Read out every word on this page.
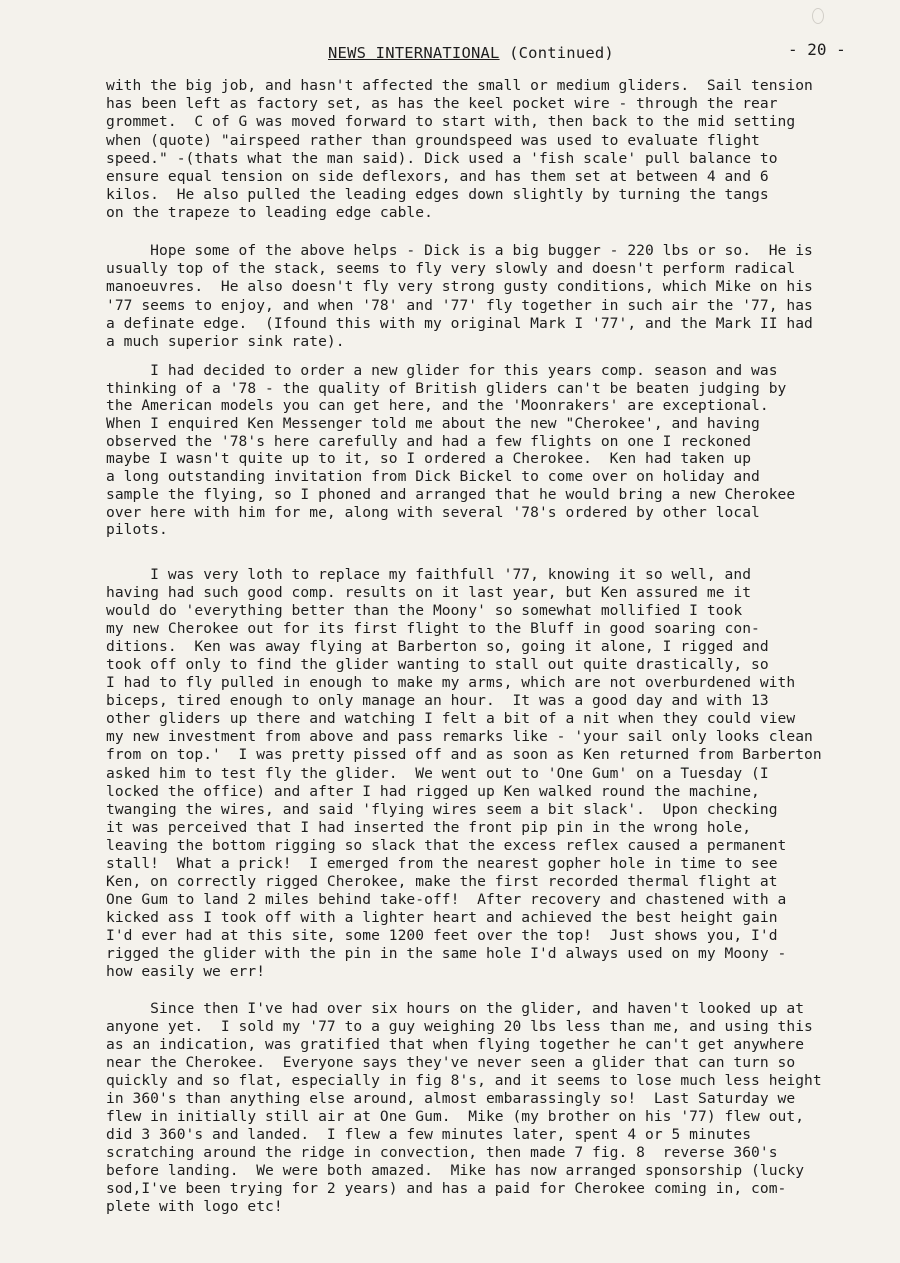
NEWS INTERNATIONAL (Continued)	- 20 -
with the big job, and hasn't affected the small or medium gliders.  Sail tension
has been left as factory set, as has the keel pocket wire - through the rear
grommet.  C of G was moved forward to start with, then back to the mid setting
when (quote) "airspeed rather than groundspeed was used to evaluate flight
speed." -(thats what the man said). Dick used a 'fish scale' pull balance to
ensure equal tension on side deflexors, and has them set at between 4 and 6
kilos.  He also pulled the leading edges down slightly by turning the tangs
on the trapeze to leading edge cable.
Hope some of the above helps - Dick is a big bugger - 220 lbs or so.  He is
usually top of the stack, seems to fly very slowly and doesn't perform radical
manoeuvres.  He also doesn't fly very strong gusty conditions, which Mike on his
'77 seems to enjoy, and when '78' and '77' fly together in such air the '77, has
a definate edge.  (Ifound this with my original Mark I '77', and the Mark II had
a much superior sink rate).
I had decided to order a new glider for this years comp. season and was
thinking of a '78 - the quality of British gliders can't be beaten judging by
the American models you can get here, and the 'Moonrakers' are exceptional.
When I enquired Ken Messenger told me about the new "Cherokee', and having
observed the '78's here carefully and had a few flights on one I reckoned
maybe I wasn't quite up to it, so I ordered a Cherokee.  Ken had taken up
a long outstanding invitation from Dick Bickel to come over on holiday and
sample the flying, so I phoned and arranged that he would bring a new Cherokee
over here with him for me, along with several '78's ordered by other local
pilots.
I was very loth to replace my faithfull '77, knowing it so well, and
having had such good comp. results on it last year, but Ken assured me it
would do 'everything better than the Moony' so somewhat mollified I took
my new Cherokee out for its first flight to the Bluff in good soaring con-
ditions.  Ken was away flying at Barberton so, going it alone, I rigged and
took off only to find the glider wanting to stall out quite drastically, so
I had to fly pulled in enough to make my arms, which are not overburdened with
biceps, tired enough to only manage an hour.  It was a good day and with 13
other gliders up there and watching I felt a bit of a nit when they could view
my new investment from above and pass remarks like - 'your sail only looks clean
from on top.'  I was pretty pissed off and as soon as Ken returned from Barberton
asked him to test fly the glider.  We went out to 'One Gum' on a Tuesday (I
locked the office) and after I had rigged up Ken walked round the machine,
twanging the wires, and said 'flying wires seem a bit slack'.  Upon checking
it was perceived that I had inserted the front pip pin in the wrong hole,
leaving the bottom rigging so slack that the excess reflex caused a permanent
stall!  What a prick!  I emerged from the nearest gopher hole in time to see
Ken, on correctly rigged Cherokee, make the first recorded thermal flight at
One Gum to land 2 miles behind take-off!  After recovery and chastened with a
kicked ass I took off with a lighter heart and achieved the best height gain
I'd ever had at this site, some 1200 feet over the top!  Just shows you, I'd
rigged the glider with the pin in the same hole I'd always used on my Moony -
how easily we err!
Since then I've had over six hours on the glider, and haven't looked up at
anyone yet.  I sold my '77 to a guy weighing 20 lbs less than me, and using this
as an indication, was gratified that when flying together he can't get anywhere
near the Cherokee.  Everyone says they've never seen a glider that can turn so
quickly and so flat, especially in fig 8's, and it seems to lose much less height
in 360's than anything else around, almost embarassingly so!  Last Saturday we
flew in initially still air at One Gum.  Mike (my brother on his '77) flew out,
did 3 360's and landed.  I flew a few minutes later, spent 4 or 5 minutes
scratching around the ridge in convection, then made 7 fig. 8  reverse 360's
before landing.  We were both amazed.  Mike has now arranged sponsorship (lucky
sod,I've been trying for 2 years) and has a paid for Cherokee coming in, com-
plete with logo etc!
